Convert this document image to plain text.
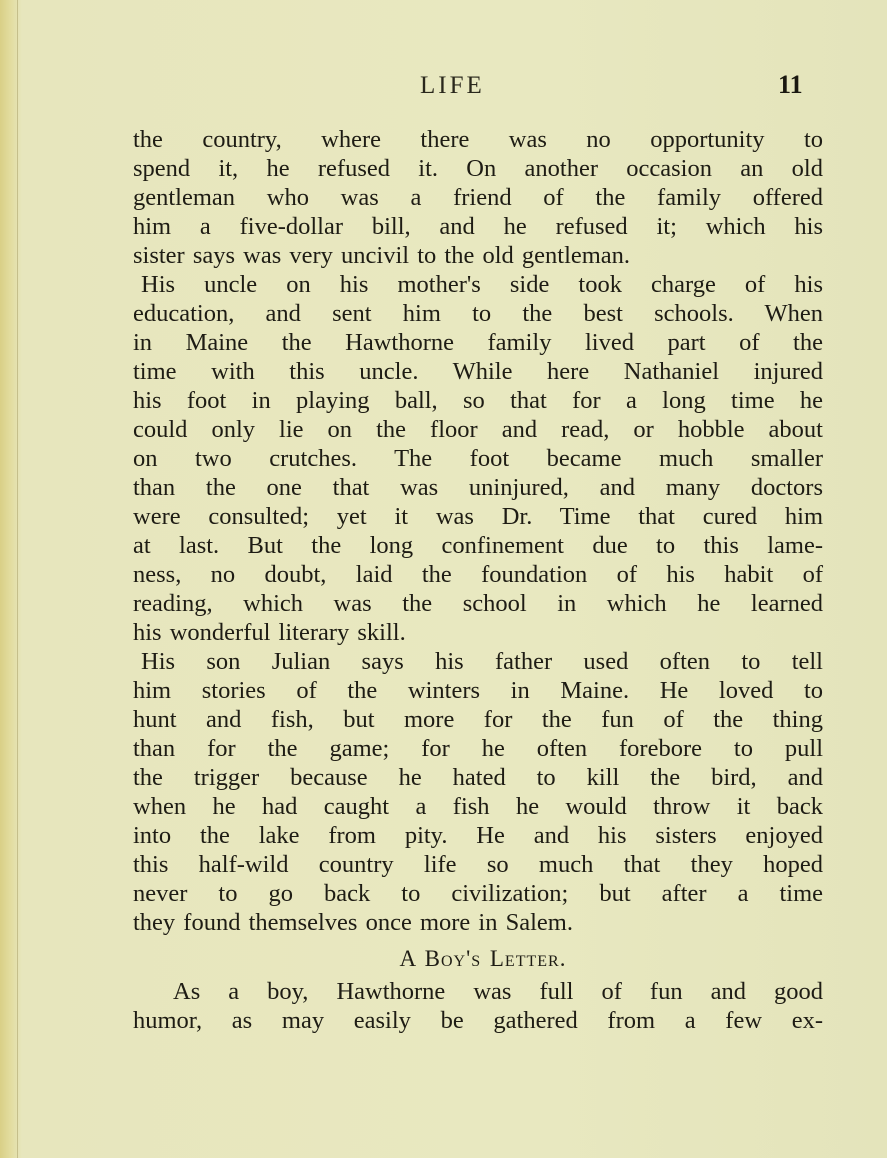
LIFE	11
the country, where there was no opportunity to
spend it, he refused it. On another occasion an old
gentleman who was a friend of the family offered
him a five-dollar bill, and he refused it; which his
sister says was very uncivil to the old gentleman.
His uncle on his mother's side took charge of his
education, and sent him to the best schools. When
in Maine the Hawthorne family lived part of the
time with this uncle. While here Nathaniel injured
his foot in playing ball, so that for a long time he
could only lie on the floor and read, or hobble about
on two crutches. The foot became much smaller
than the one that was uninjured, and many doctors
were consulted; yet it was Dr. Time that cured him
at last. But the long confinement due to this lame-
ness, no doubt, laid the foundation of his habit of
reading, which was the school in which he learned
his wonderful literary skill.
His son Julian says his father used often to tell
him stories of the winters in Maine. He loved to
hunt and fish, but more for the fun of the thing
than for the game; for he often forebore to pull
the trigger because he hated to kill the bird, and
when he had caught a fish he would throw it back
into the lake from pity. He and his sisters enjoyed
this half-wild country life so much that they hoped
never to go back to civilization; but after a time
they found themselves once more in Salem.
A Boy's Letter.
As a boy, Hawthorne was full of fun and good
humor, as may easily be gathered from a few ex-
